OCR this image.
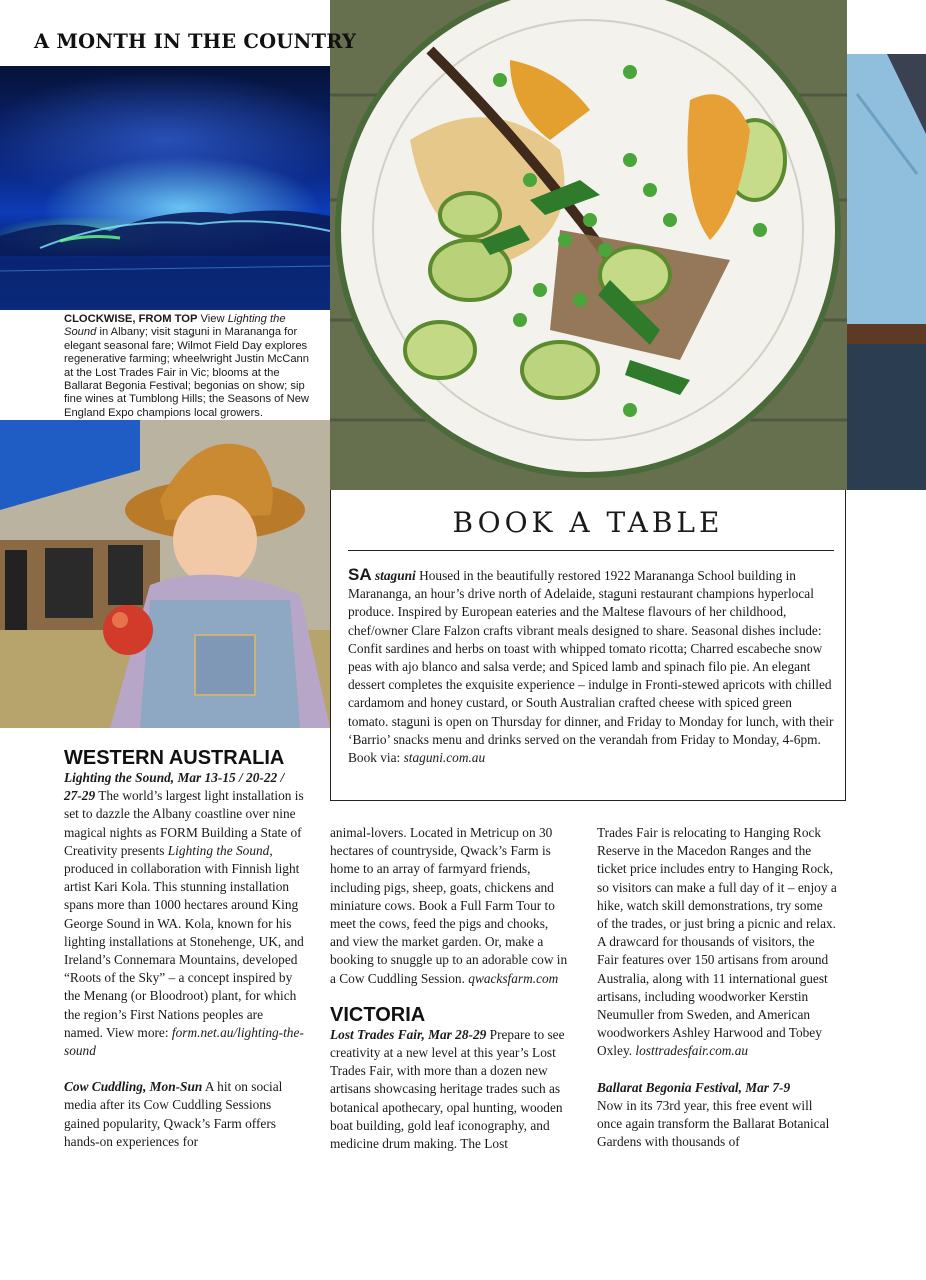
A MONTH IN THE COUNTRY
CLOCKWISE, FROM TOP View Lighting the Sound in Albany; visit staǥuni in Marananga for elegant seasonal fare; Wilmot Field Day explores regenerative farming; wheelwright Justin McCann at the Lost Trades Fair in Vic; blooms at the Ballarat Begonia Festival; begonias on show; sip fine wines at Tumblong Hills; the Seasons of New England Expo champions local growers.
BOOK A TABLE
SA staǥuni Housed in the beautifully restored 1922 Marananga School building in Marananga, an hour’s drive north of Adelaide, staǥuni restaurant champions hyperlocal produce. Inspired by European eateries and the Maltese flavours of her childhood, chef/owner Clare Falzon crafts vibrant meals designed to share. Seasonal dishes include: Confit sardines and herbs on toast with whipped tomato ricotta; Charred escabeche snow peas with ajo blanco and salsa verde; and Spiced lamb and spinach filo pie. An elegant dessert completes the exquisite experience – indulge in Fronti-stewed apricots with chilled cardamom and honey custard, or South Australian crafted cheese with spiced green tomato. staǥuni is open on Thursday for dinner, and Friday to Monday for lunch, with their ‘Barrio’ snacks menu and drinks served on the verandah from Friday to Monday, 4-6pm. Book via: staguni.com.au
WESTERN AUSTRALIA

Lighting the Sound, Mar 13-15 / 20-22 / 27-29 The world’s largest light installation is set to dazzle the Albany coastline over nine magical nights as FORM Building a State of Creativity presents Lighting the Sound, produced in collaboration with Finnish light artist Kari Kola. This stunning installation spans more than 1000 hectares around King George Sound in WA. Kola, known for his lighting installations at Stonehenge, UK, and Ireland’s Connemara Mountains, developed “Roots of the Sky” – a concept inspired by the Menang (or Bloodroot) plant, for which the region’s First Nations peoples are named. View more: form.net.au/lighting-the-sound

Cow Cuddling, Mon-Sun A hit on social media after its Cow Cuddling Sessions gained popularity, Qwack’s Farm offers hands-on experiences for

animal-lovers. Located in Metricup on 30 hectares of countryside, Qwack’s Farm is home to an array of farmyard friends, including pigs, sheep, goats, chickens and miniature cows. Book a Full Farm Tour to meet the cows, feed the pigs and chooks, and view the market garden. Or, make a booking to snuggle up to an adorable cow in a Cow Cuddling Session. qwacksfarm.com

VICTORIA

Lost Trades Fair, Mar 28-29 Prepare to see creativity at a new level at this year’s Lost Trades Fair, with more than a dozen new artisans showcasing heritage trades such as botanical apothecary, opal hunting, wooden boat building, gold leaf iconography, and medicine drum making. The Lost

Trades Fair is relocating to Hanging Rock Reserve in the Macedon Ranges and the ticket price includes entry to Hanging Rock, so visitors can make a full day of it – enjoy a hike, watch skill demonstrations, try some of the trades, or just bring a picnic and relax. A drawcard for thousands of visitors, the Fair features over 150 artisans from around Australia, along with 11 international guest artisans, including woodworker Kerstin Neumuller from Sweden, and American woodworkers Ashley Harwood and Tobey Oxley. losttradesfair.com.au

Ballarat Begonia Festival, Mar 7-9
Now in its 73rd year, this free event will once again transform the Ballarat Botanical Gardens with thousands of
